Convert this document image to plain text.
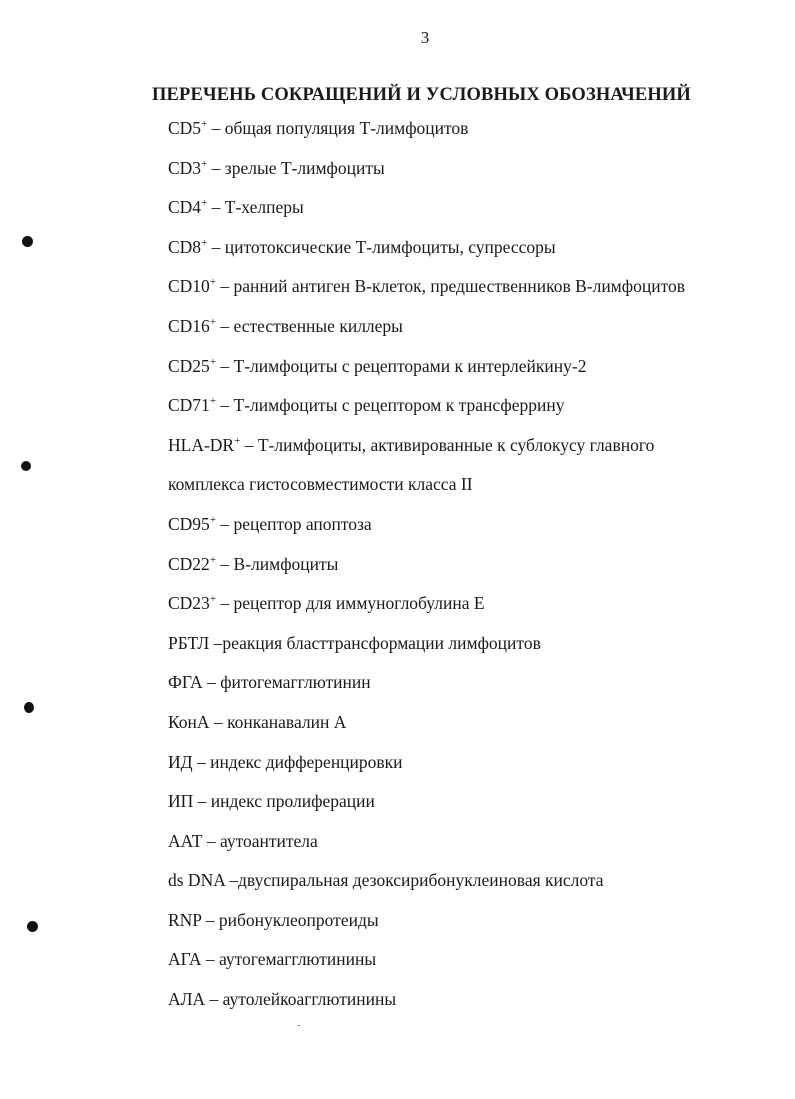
3
ПЕРЕЧЕНЬ СОКРАЩЕНИЙ И УСЛОВНЫХ ОБОЗНАЧЕНИЙ
CD5+ – общая популяция Т-лимфоцитов
CD3+ – зрелые Т-лимфоциты
CD4+ – Т-хелперы
CD8+ – цитотоксические Т-лимфоциты, супрессоры
CD10+ – ранний антиген В-клеток, предшественников В-лимфоцитов
CD16+ – естественные киллеры
CD25+ – Т-лимфоциты с рецепторами к интерлейкину-2
CD71+ – Т-лимфоциты с рецептором к трансферрину
HLA-DR+ – Т-лимфоциты, активированные к сублокусу главного
комплекса гистосовместимости класса II
CD95+ – рецептор апоптоза
CD22+ – В-лимфоциты
CD23+ – рецептор для иммуноглобулина E
РБТЛ –реакция бласттрансформации лимфоцитов
ФГА – фитогемагглютинин
КонА – конканавалин А
ИД – индекс дифференцировки
ИП – индекс пролиферации
ААТ – аутоантитела
ds DNA –двуспиральная дезоксирибонуклеиновая кислота
RNP – рибонуклеопротеиды
АГА – аутогемагглютинины
АЛА – аутолейкоагглютинины
